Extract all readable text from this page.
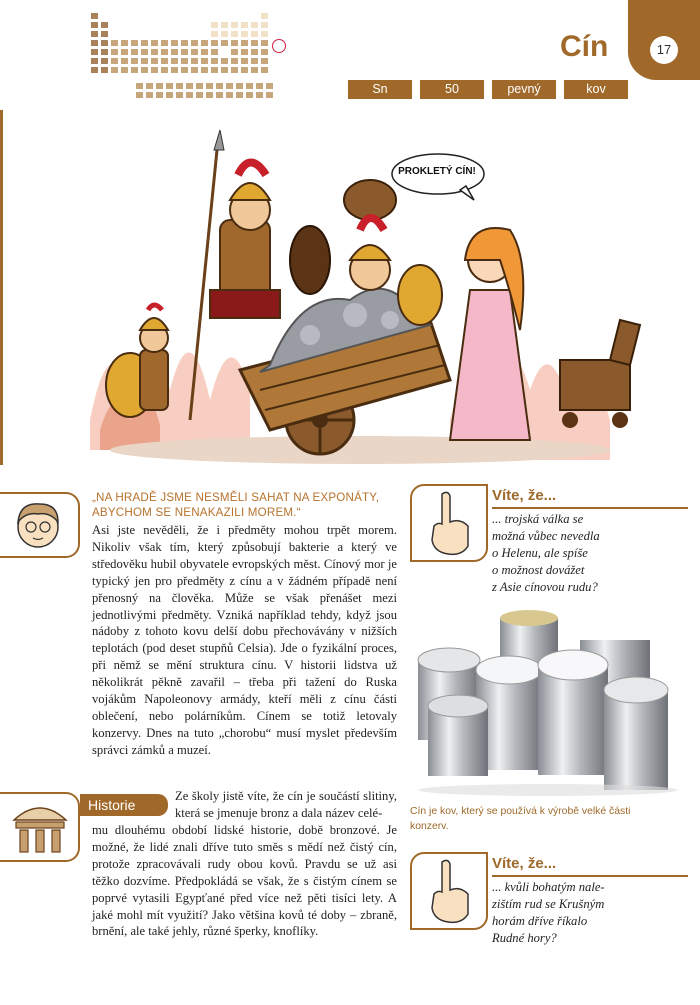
17
Cín
Sn	50	pevný	kov
PROKLETÝ CÍN!
„NA HRADĚ JSME NESMĚLI SAHAT NA EXPONÁTY, ABYCHOM SE NENAKAZILI MOREM.“
Asi jste nevěděli, že i předměty mohou trpět morem. Nikoliv však tím, který způsobují bakterie a který ve středověku hubil obyvatele evropských měst. Cínový mor je typický jen pro předměty z cínu a v žádném případě není přenosný na člověka. Může se však přenášet mezi jednotlivými předměty. Vzniká například tehdy, když jsou nádoby z tohoto kovu delší dobu přechovávány v nižších teplotách (pod deset stupňů Celsia). Jde o fyzikální proces, při němž se mění struktura cínu. V historii lidstva už několikrát pěkně zavařil – třeba při tažení do Ruska vojákům Napoleonovy armády, kteří měli z cínu části oblečení, nebo polárníkům. Cínem se totiž letovaly konzervy. Dnes na tuto „chorobu“ musí myslet především správci zámků a muzeí.
Historie
Ze školy jistě víte, že cín je součástí slitiny, která se jmenuje bronz a dala název celé-
mu dlouhému období lidské historie, době bronzové. Je možné, že lidé znali dříve tuto směs s mědí než čistý cín, protože zpracovávali rudy obou kovů. Pravdu se už asi těžko dozvíme. Předpokládá se však, že s čistým cínem se poprvé vytasili Egypťané před více než pěti tisíci lety. A jaké mohl mít využití? Jako většina kovů té doby – zbraně, brnění, ale také jehly, různé šperky, knoflíky.
Víte, že...
... trojská válka se
možná vůbec nevedla
o Helenu, ale spíše
o možnost dovážet
z Asie cínovou rudu?
Cín je kov, který se používá k výrobě velké části konzerv.
Víte, že...
... kvůli bohatým nale-
zištím rud se Krušným
horám dříve říkalo
Rudné hory?
